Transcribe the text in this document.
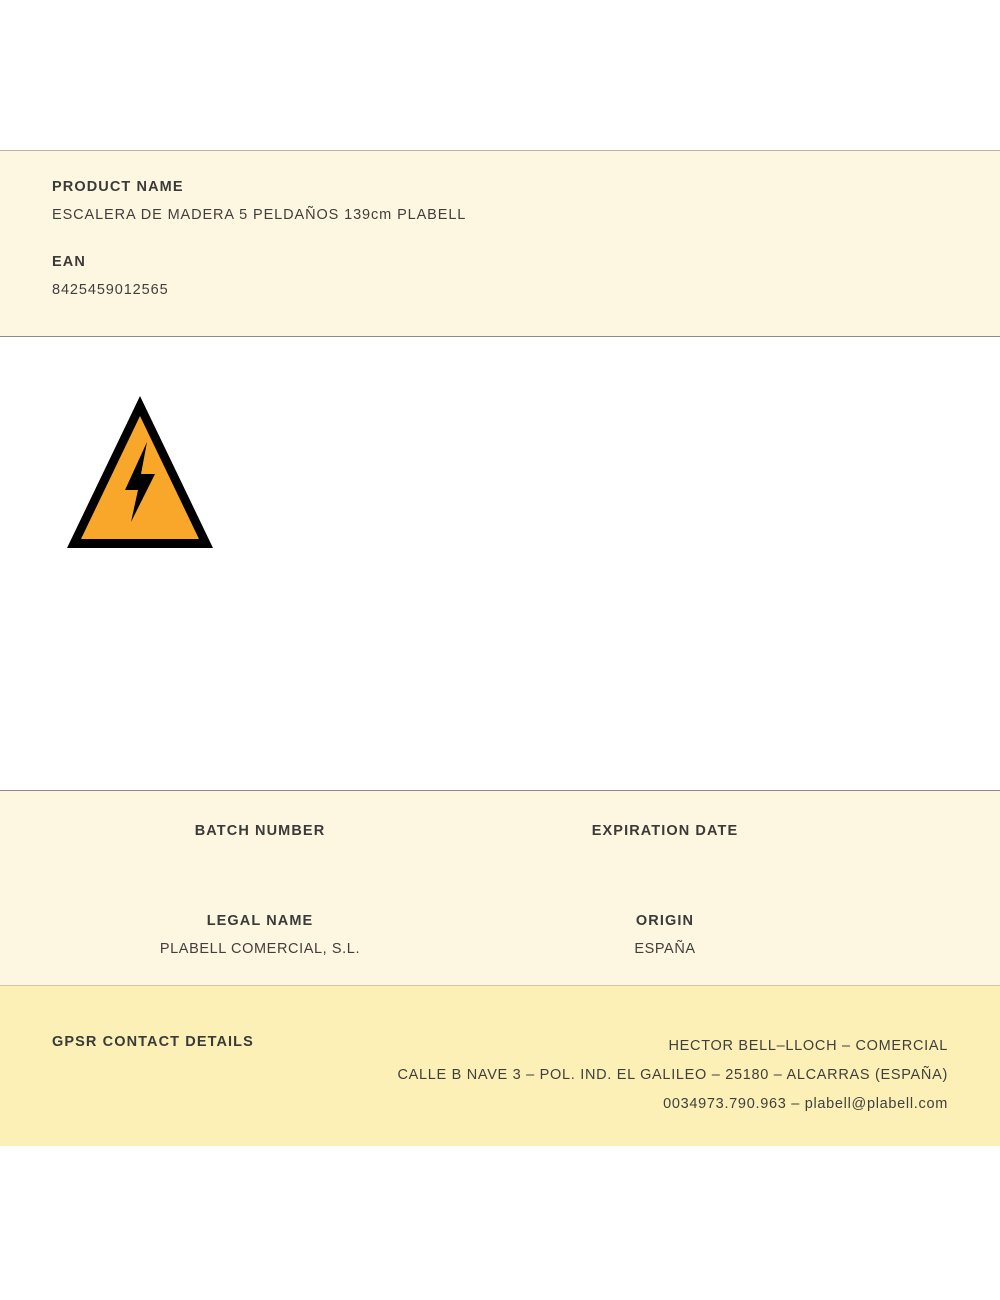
PRODUCT NAME
ESCALERA DE MADERA 5 PELDAÑOS 139cm PLABELL
EAN
8425459012565
BATCH NUMBER	EXPIRATION DATE
LEGAL NAME
PLABELL COMERCIAL, S.L.
ORIGIN
ESPAÑA
GPSR CONTACT DETAILS	HECTOR BELL–LLOCH – COMERCIAL
CALLE B NAVE 3 – POL. IND. EL GALILEO – 25180 – ALCARRAS (ESPAÑA)
0034973.790.963 – plabell@plabell.com
